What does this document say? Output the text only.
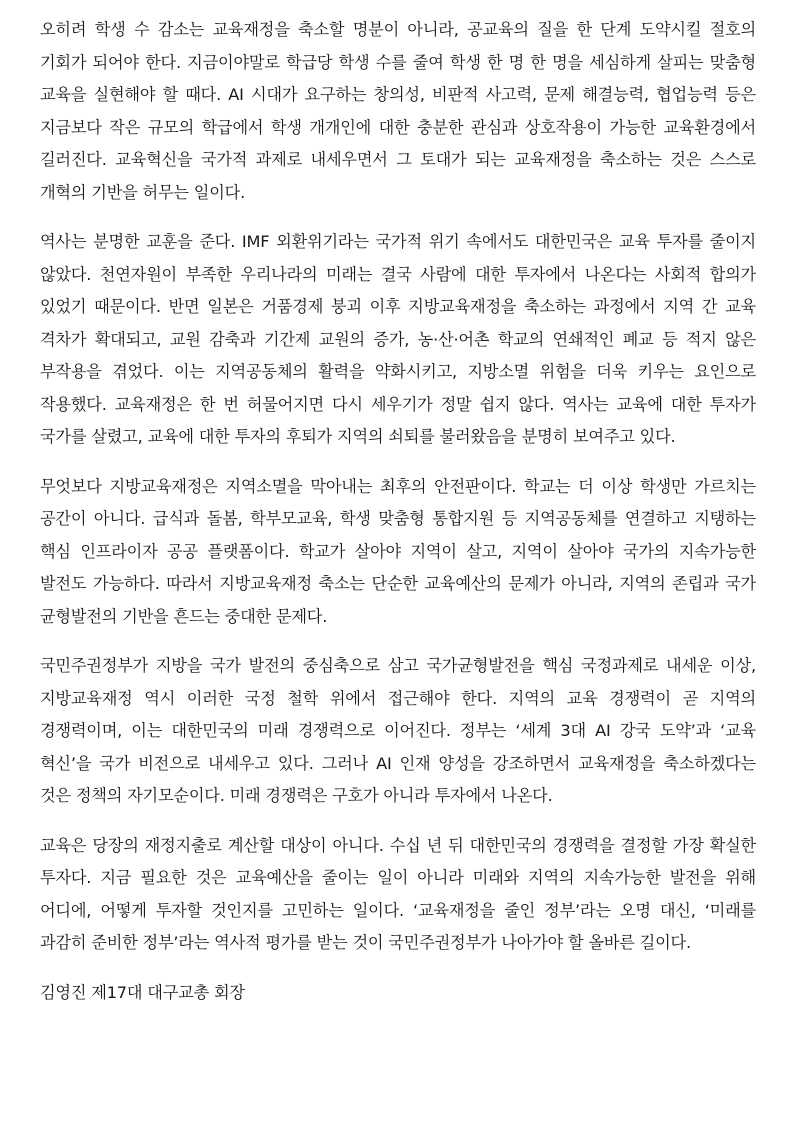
오히려 학생 수 감소는 교육재정을 축소할 명분이 아니라, 공교육의 질을 한 단계 도약시킬 절호의 기회가 되어야 한다. 지금이야말로 학급당 학생 수를 줄여 학생 한 명 한 명을 세심하게 살피는 맞춤형 교육을 실현해야 할 때다. AI 시대가 요구하는 창의성, 비판적 사고력, 문제 해결능력, 협업능력 등은 지금보다 작은 규모의 학급에서 학생 개개인에 대한 충분한 관심과 상호작용이 가능한 교육환경에서 길러진다. 교육혁신을 국가적 과제로 내세우면서 그 토대가 되는 교육재정을 축소하는 것은 스스로 개혁의 기반을 허무는 일이다.

역사는 분명한 교훈을 준다. IMF 외환위기라는 국가적 위기 속에서도 대한민국은 교육 투자를 줄이지 않았다. 천연자원이 부족한 우리나라의 미래는 결국 사람에 대한 투자에서 나온다는 사회적 합의가 있었기 때문이다. 반면 일본은 거품경제 붕괴 이후 지방교육재정을 축소하는 과정에서 지역 간 교육 격차가 확대되고, 교원 감축과 기간제 교원의 증가, 농·산·어촌 학교의 연쇄적인 폐교 등 적지 않은 부작용을 겪었다. 이는 지역공동체의 활력을 약화시키고, 지방소멸 위험을 더욱 키우는 요인으로 작용했다. 교육재정은 한 번 허물어지면 다시 세우기가 정말 쉽지 않다. 역사는 교육에 대한 투자가 국가를 살렸고, 교육에 대한 투자의 후퇴가 지역의 쇠퇴를 불러왔음을 분명히 보여주고 있다.

무엇보다 지방교육재정은 지역소멸을 막아내는 최후의 안전판이다. 학교는 더 이상 학생만 가르치는 공간이 아니다. 급식과 돌봄, 학부모교육, 학생 맞춤형 통합지원 등 지역공동체를 연결하고 지탱하는 핵심 인프라이자 공공 플랫폼이다. 학교가 살아야 지역이 살고, 지역이 살아야 국가의 지속가능한 발전도 가능하다. 따라서 지방교육재정 축소는 단순한 교육예산의 문제가 아니라, 지역의 존립과 국가 균형발전의 기반을 흔드는 중대한 문제다.

국민주권정부가 지방을 국가 발전의 중심축으로 삼고 국가균형발전을 핵심 국정과제로 내세운 이상, 지방교육재정 역시 이러한 국정 철학 위에서 접근해야 한다. 지역의 교육 경쟁력이 곧 지역의 경쟁력이며, 이는 대한민국의 미래 경쟁력으로 이어진다. 정부는 ‘세계 3대 AI 강국 도약’과 ‘교육 혁신’을 국가 비전으로 내세우고 있다. 그러나 AI 인재 양성을 강조하면서 교육재정을 축소하겠다는 것은 정책의 자기모순이다. 미래 경쟁력은 구호가 아니라 투자에서 나온다.

교육은 당장의 재정지출로 계산할 대상이 아니다. 수십 년 뒤 대한민국의 경쟁력을 결정할 가장 확실한 투자다. 지금 필요한 것은 교육예산을 줄이는 일이 아니라 미래와 지역의 지속가능한 발전을 위해 어디에, 어떻게 투자할 것인지를 고민하는 일이다. ‘교육재정을 줄인 정부’라는 오명 대신, ‘미래를 과감히 준비한 정부’라는 역사적 평가를 받는 것이 국민주권정부가 나아가야 할 올바른 길이다.

김영진 제17대 대구교총 회장
